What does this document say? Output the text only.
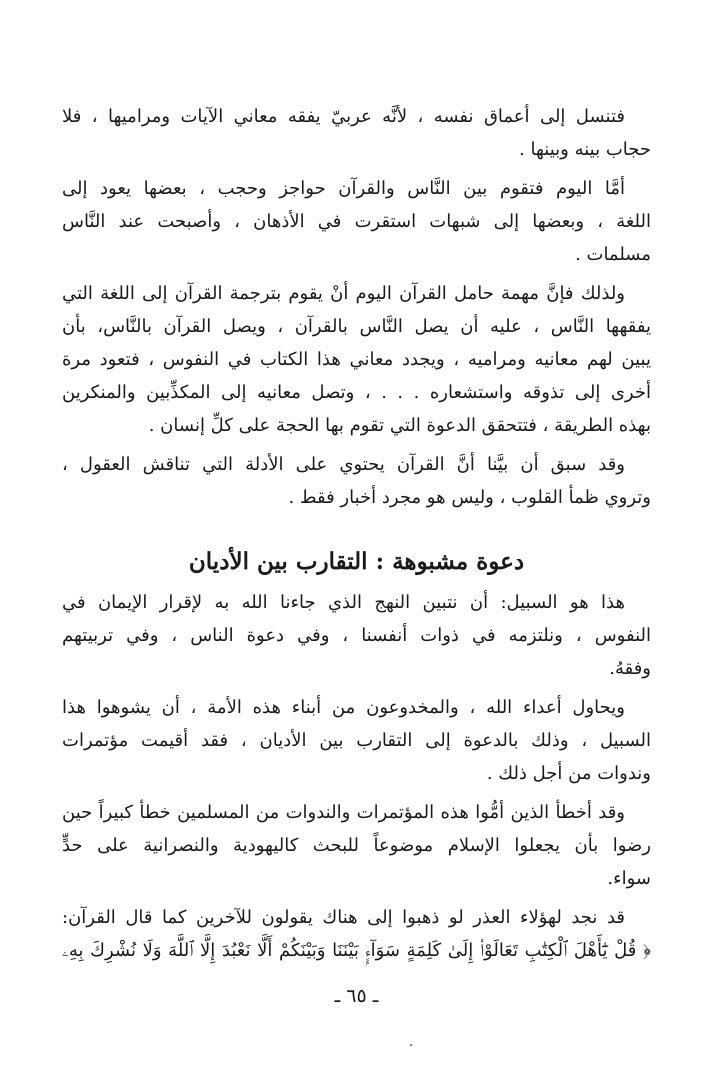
فتنسل إلى أعماق نفسه ، لأنَّه عربيّ يفقه معاني الآيات ومراميها ، فلا
حجاب بينه وبينها .
أمَّا اليوم فتقوم بين النَّاس والقرآن حواجز وحجب ، بعضها يعود إلى
اللغة ، وبعضها إلى شبهات استقرت في الأذهان ، وأصبحت عند النَّاس
مسلمات .
ولذلك فإنَّ مهمة حامل القرآن اليوم أنْ يقوم بترجمة القرآن إلى اللغة التي
يفقهها النَّاس ، عليه أن يصل النَّاس بالقرآن ، ويصل القرآن بالنَّاس، بأن
يبين لهم معانيه ومراميه ، ويجدد معاني هذا الكتاب في النفوس ، فتعود مرة
أخرى إلى تذوقه واستشعاره . . . ، وتصل معانيه إلى المكذِّبين والمنكرين
بهذه الطريقة ، فتتحقق الدعوة التي تقوم بها الحجة على كلِّ إنسان .
وقد سبق أن بيَّنا أنَّ القرآن يحتوي على الأدلة التي تناقش العقول ،
وتروي ظمأ القلوب ، وليس هو مجرد أخبار فقط .
دعوة مشبوهة : التقارب بين الأديان
هذا هو السبيل: أن نتبين النهج الذي جاءنا الله به لإقرار الإيمان في
النفوس ، ونلتزمه في ذوات أنفسنا ، وفي دعوة الناس ، وفي تربيتهم
وفقهُ.
ويحاول أعداء الله ، والمخدوعون من أبناء هذه الأمة ، أن يشوهوا هذا
السبيل ، وذلك بالدعوة إلى التقارب بين الأديان ، فقد أقيمت مؤتمرات
وندوات من أجل ذلك .
وقد أخطأ الذين أمُّوا هذه المؤتمرات والندوات من المسلمين خطأ كبيراً حين
رضوا بأن يجعلوا الإسلام موضوعاً للبحث كاليهودية والنصرانية على حدٍّ
سواء.
قد نجد لهؤلاء العذر لو ذهبوا إلى هناك يقولون للآخرين كما قال القرآن:
﴿ قُلْ يَٰٓأَهْلَ ٱلْكِتَٰبِ تَعَالَوْا۟ إِلَىٰ كَلِمَةٍ سَوَآءٍۭ بَيْنَنَا وَبَيْنَكُمْ أَلَّا نَعْبُدَ إِلَّا ٱللَّهَ وَلَا نُشْرِكَ بِهِۦ
ـ ٦٥ ـ
